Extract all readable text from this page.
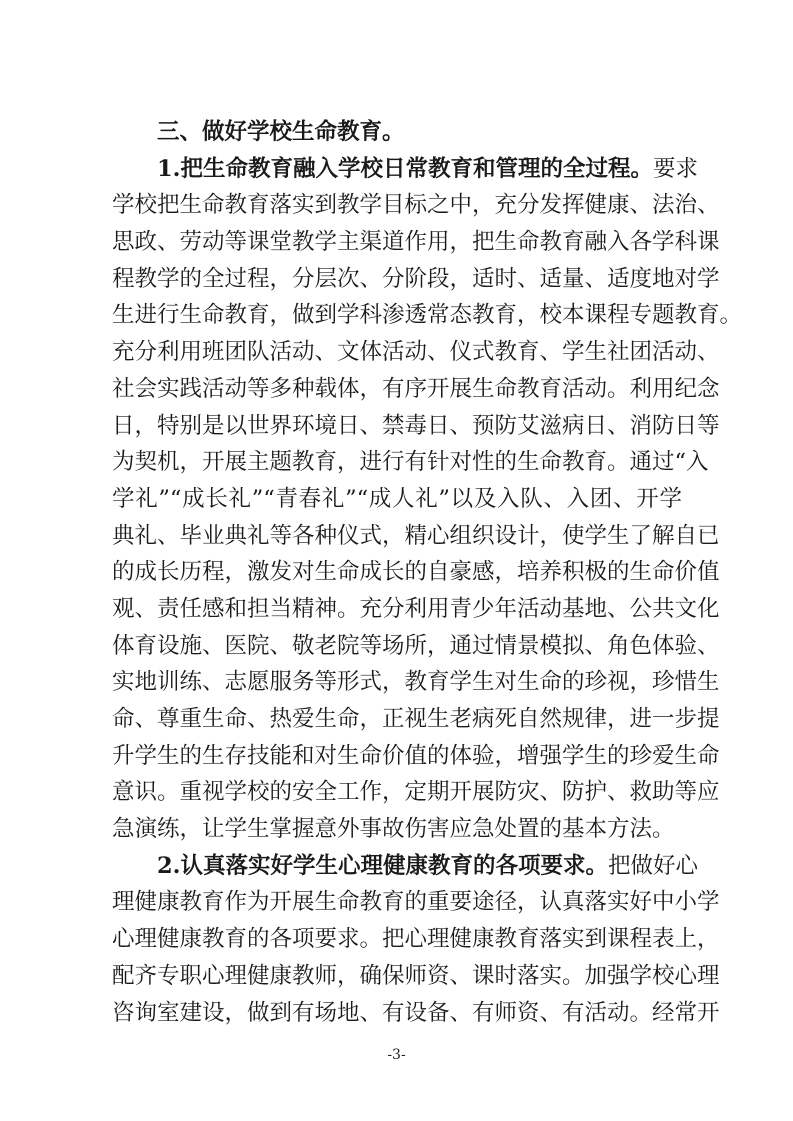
三、做好学校生命教育。
1.把生命教育融入学校日常教育和管理的全过程。要求
学校把生命教育落实到教学目标之中，充分发挥健康、法治、
思政、劳动等课堂教学主渠道作用，把生命教育融入各学科课
程教学的全过程，分层次、分阶段，适时、适量、适度地对学
生进行生命教育，做到学科渗透常态教育，校本课程专题教育。
充分利用班团队活动、文体活动、仪式教育、学生社团活动、
社会实践活动等多种载体，有序开展生命教育活动。利用纪念
日，特别是以世界环境日、禁毒日、预防艾滋病日、消防日等
为契机，开展主题教育，进行有针对性的生命教育。通过“入
学礼”“成长礼”“青春礼”“成人礼”以及入队、入团、开学
典礼、毕业典礼等各种仪式，精心组织设计，使学生了解自已
的成长历程，激发对生命成长的自豪感，培养积极的生命价值
观、责任感和担当精神。充分利用青少年活动基地、公共文化
体育设施、医院、敬老院等场所，通过情景模拟、角色体验、
实地训练、志愿服务等形式，教育学生对生命的珍视，珍惜生
命、尊重生命、热爱生命，正视生老病死自然规律，进一步提
升学生的生存技能和对生命价值的体验，增强学生的珍爱生命
意识。重视学校的安全工作，定期开展防灾、防护、救助等应
急演练，让学生掌握意外事故伤害应急处置的基本方法。
2.认真落实好学生心理健康教育的各项要求。把做好心
理健康教育作为开展生命教育的重要途径，认真落实好中小学
心理健康教育的各项要求。把心理健康教育落实到课程表上，
配齐专职心理健康教师，确保师资、课时落实。加强学校心理
咨询室建设，做到有场地、有设备、有师资、有活动。经常开
-3-
